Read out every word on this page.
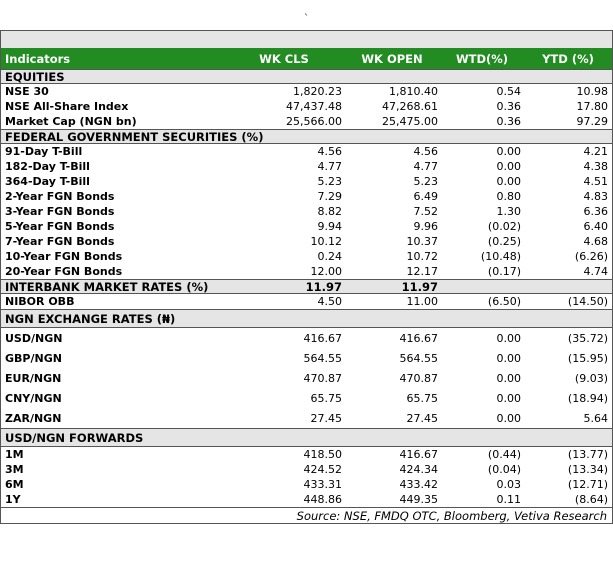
`
Indicators	WK CLS	WK OPEN	WTD(%)	YTD (%)
EQUITIES
NSE 30	1,820.23	1,810.40	0.54	10.98
NSE All-Share Index	47,437.48	47,268.61	0.36	17.80
Market Cap (NGN bn)	25,566.00	25,475.00	0.36	97.29
FEDERAL GOVERNMENT SECURITIES (%)
91-Day T-Bill	4.56	4.56	0.00	4.21
182-Day T-Bill	4.77	4.77	0.00	4.38
364-Day T-Bill	5.23	5.23	0.00	4.51
2-Year FGN Bonds	7.29	6.49	0.80	4.83
3-Year FGN Bonds	8.82	7.52	1.30	6.36
5-Year FGN Bonds	9.94	9.96	(0.02)	6.40
7-Year FGN Bonds	10.12	10.37	(0.25)	4.68
10-Year FGN Bonds	0.24	10.72	(10.48)	(6.26)
20-Year FGN Bonds	12.00	12.17	(0.17)	4.74
INTERBANK MARKET RATES (%)	11.97	11.97
NIBOR OBB	4.50	11.00	(6.50)	(14.50)
NGN EXCHANGE RATES (₦)
USD/NGN	416.67	416.67	0.00	(35.72)
GBP/NGN	564.55	564.55	0.00	(15.95)
EUR/NGN	470.87	470.87	0.00	(9.03)
CNY/NGN	65.75	65.75	0.00	(18.94)
ZAR/NGN	27.45	27.45	0.00	5.64
USD/NGN FORWARDS
1M	418.50	416.67	(0.44)	(13.77)
3M	424.52	424.34	(0.04)	(13.34)
6M	433.31	433.42	0.03	(12.71)
1Y	448.86	449.35	0.11	(8.64)
Source: NSE, FMDQ OTC, Bloomberg, Vetiva Research
